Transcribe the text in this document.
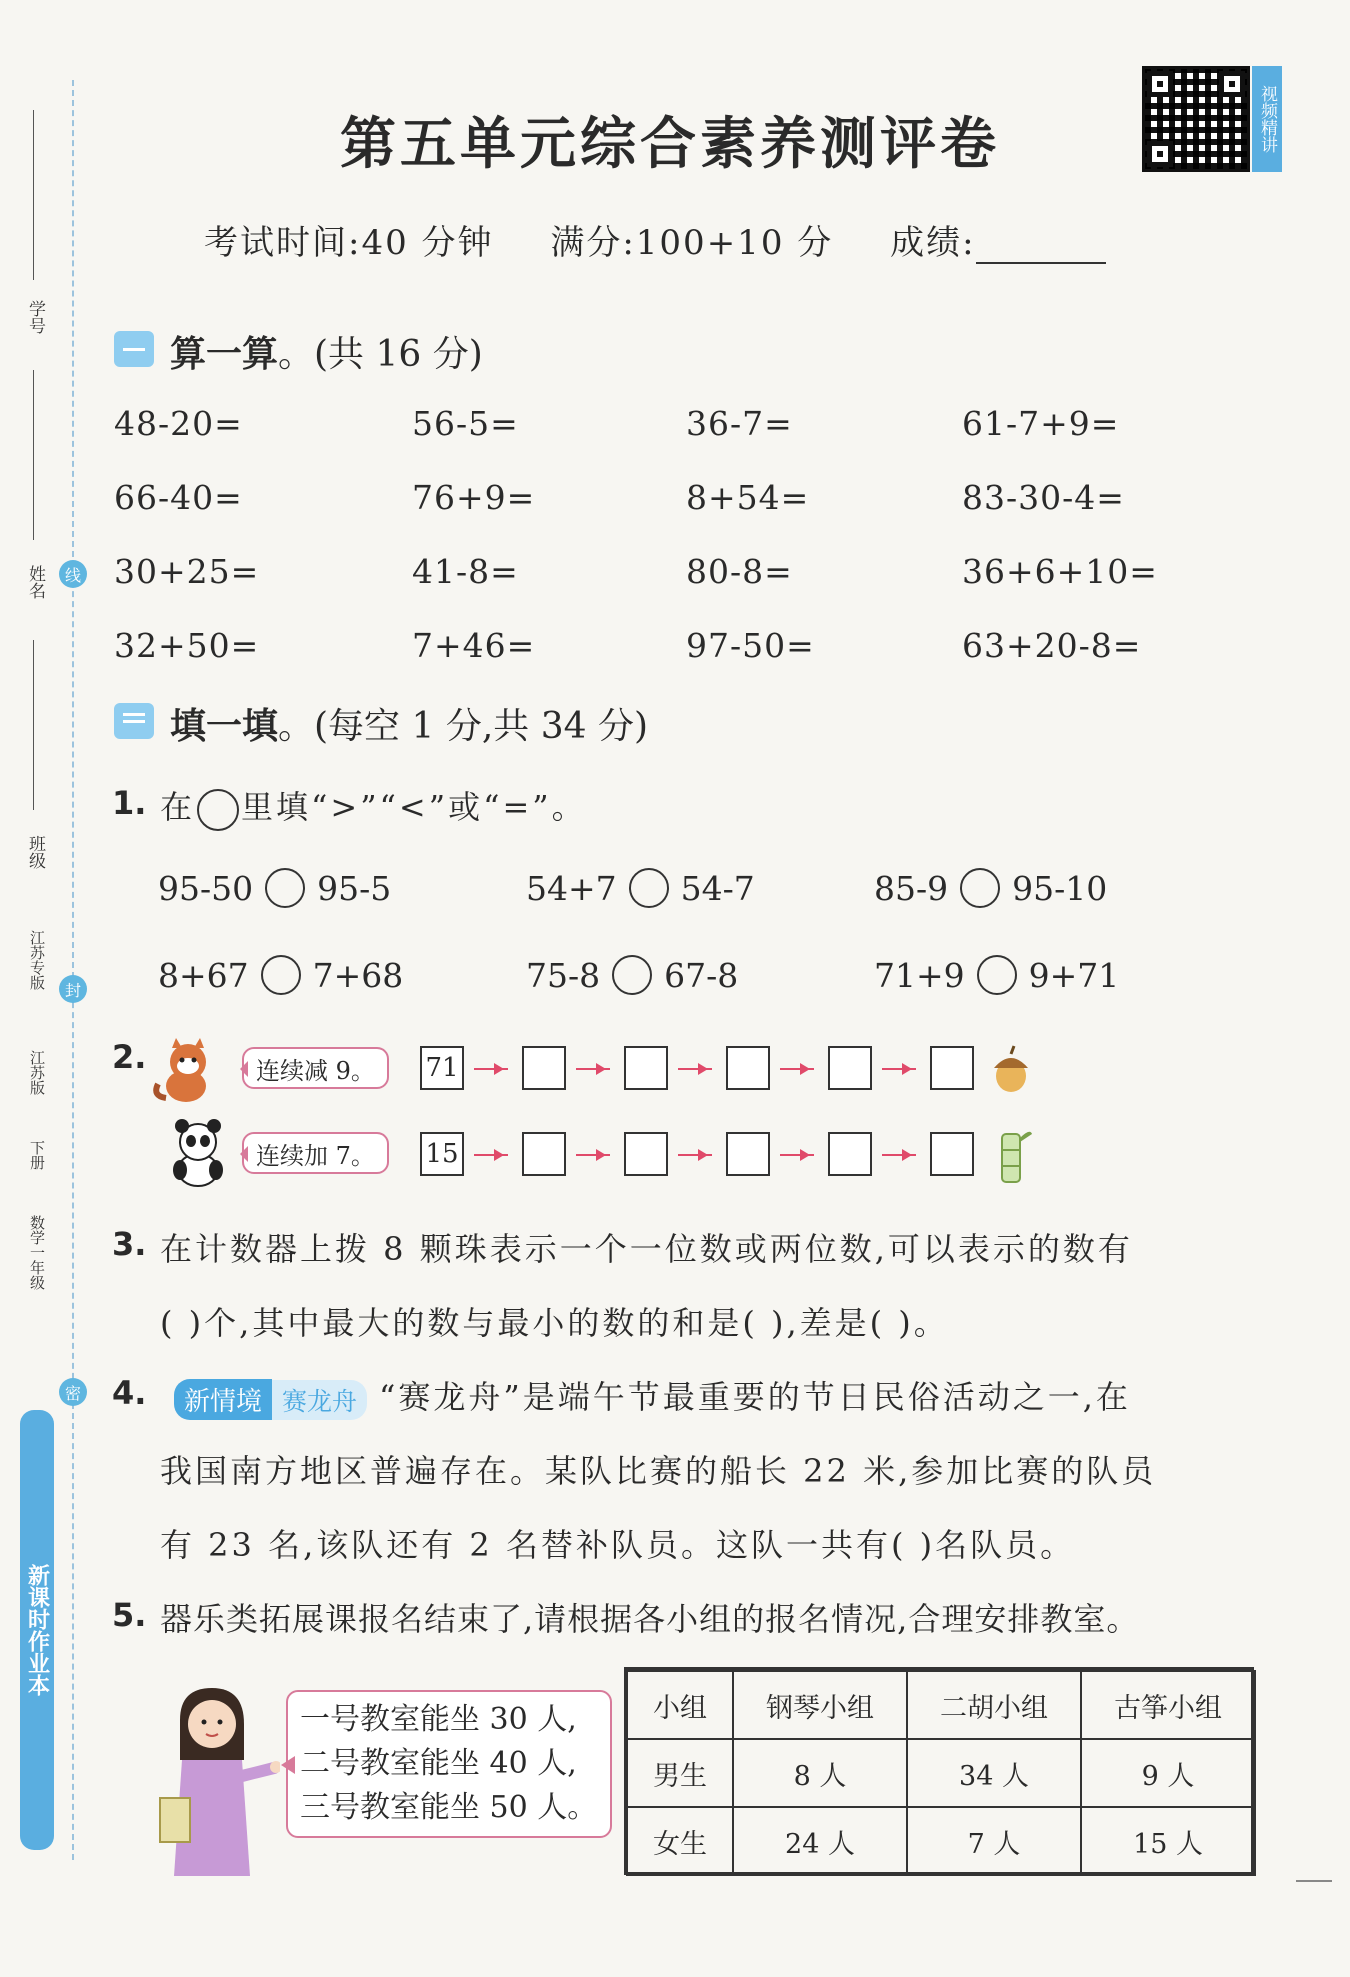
学号
姓名	线
班级
江苏专版	封
江苏版
下册
数学一年级
密
新课时作业本
第五单元综合素养测评卷	视频精讲
考试时间:40 分钟 满分:100+10 分 成绩:
算一算。(共 16 分)
48-20=	56-5=	36-7=	61-7+9=
66-40=	76+9=	8+54=	83-30-4=
30+25=	41-8=	80-8=	36+6+10=
32+50=	7+46=	97-50=	63+20-8=
填一填。(每空 1 分,共 34 分)
1. 在 里填“>”“<”或“=”。
95-50 95-5	54+7 54-7	85-9 95-10
8+67 7+68	75-8 67-8	71+9 9+71
2.	连续减 9。	71
连续加 7。	15
3. 在计数器上拨 8 颗珠表示一个一位数或两位数,可以表示的数有
( )个,其中最大的数与最小的数的和是( ),差是( )。
4.	新情境 赛龙舟 “赛龙舟”是端午节最重要的节日民俗活动之一,在
我国南方地区普遍存在。某队比赛的船长 22 米,参加比赛的队员
有 23 名,该队还有 2 名替补队员。这队一共有( )名队员。
5. 器乐类拓展课报名结束了,请根据各小组的报名情况,合理安排教室。
一号教室能坐 30 人,
二号教室能坐 40 人,
三号教室能坐 50 人。
小组	钢琴小组	二胡小组	古筝小组
男生	8 人	34 人	9 人
女生	24 人	7 人	15 人
